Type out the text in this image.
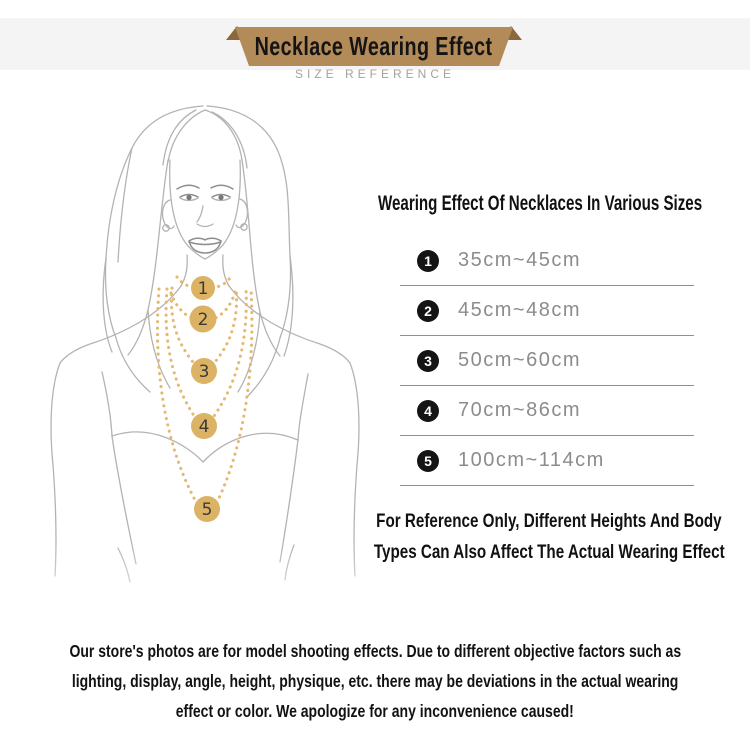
Necklace Wearing Effect
SIZE REFERENCE
1
2
3
4
5
Wearing Effect Of Necklaces In Various Sizes
1	35cm~45cm
2	45cm~48cm
3	50cm~60cm
4	70cm~86cm
5	100cm~114cm
For Reference Only, Different Heights And Body
Types Can Also Affect The Actual Wearing Effect
Our store's photos are for model shooting effects. Due to different objective factors such as
lighting, display, angle, height, physique, etc. there may be deviations in the actual wearing
effect or color. We apologize for any inconvenience caused!
